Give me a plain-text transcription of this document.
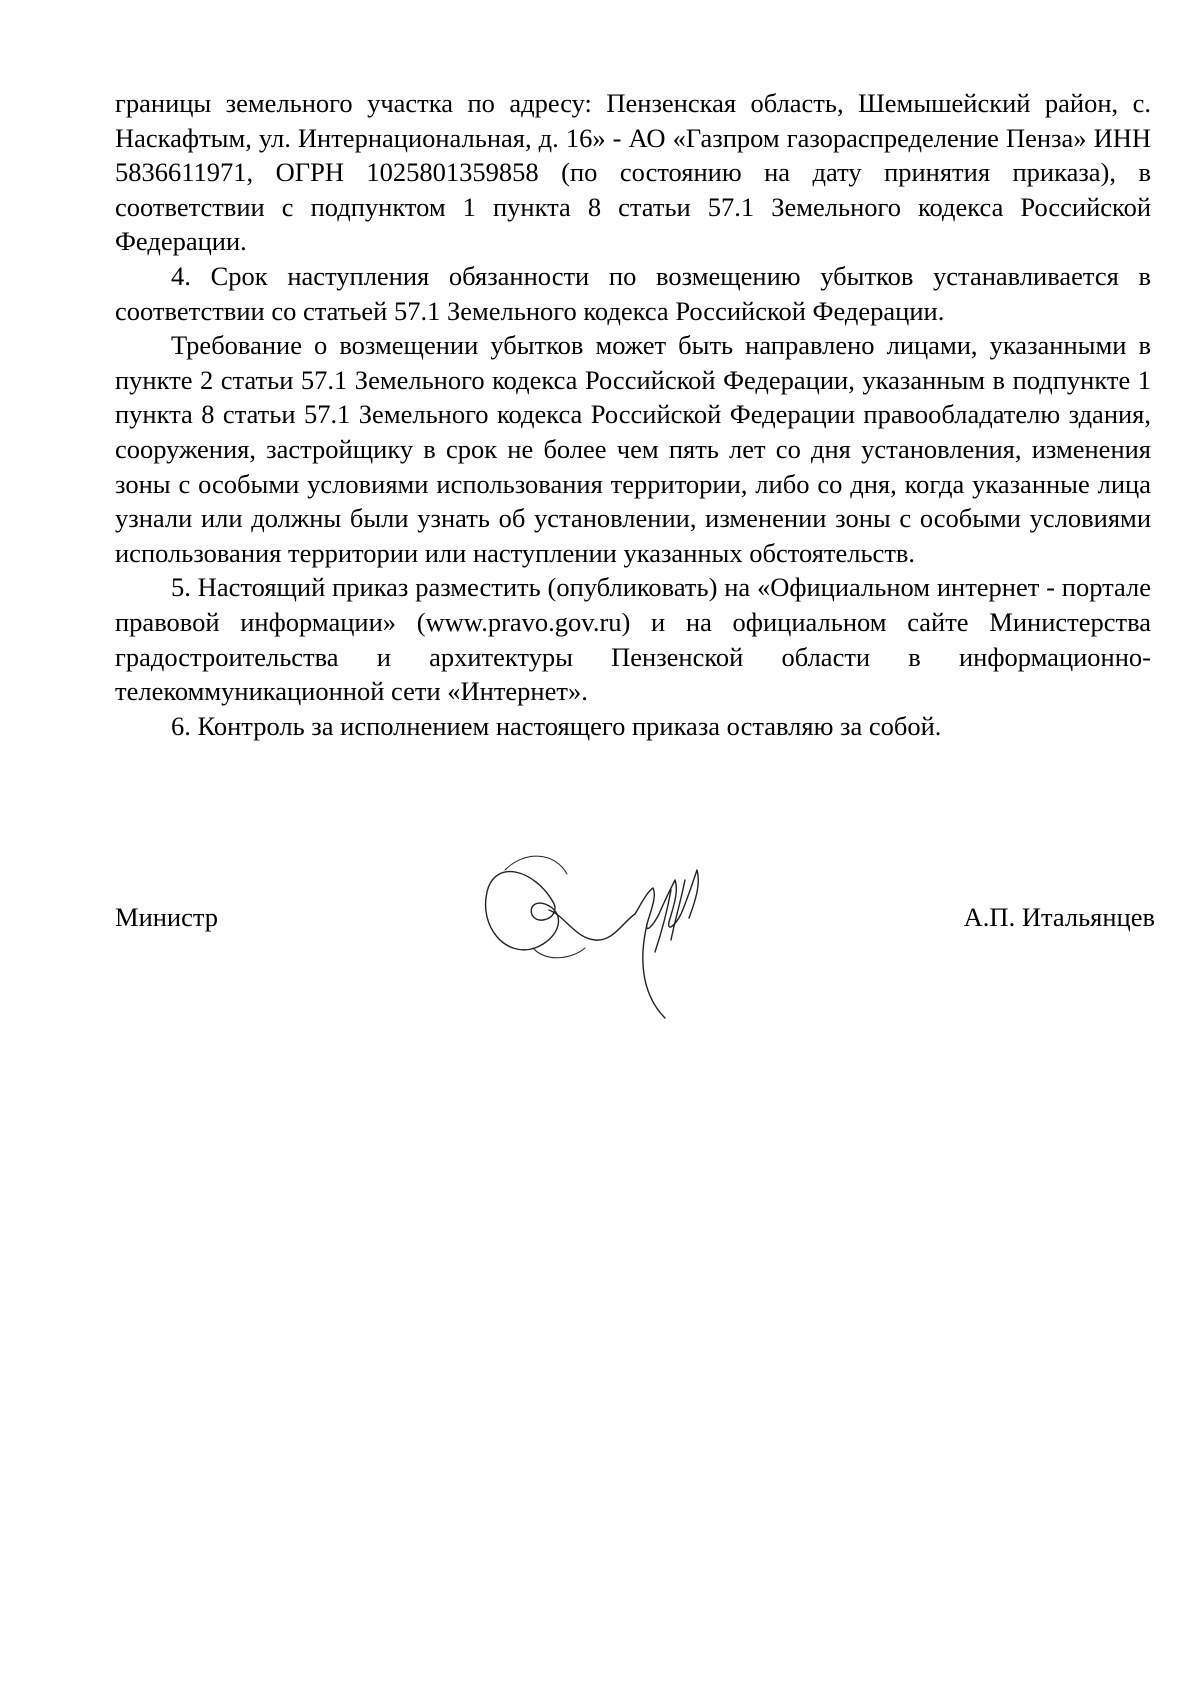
границы земельного участка по адресу: Пензенская область, Шемышейский район, с. Наскафтым, ул. Интернациональная, д. 16» - АО «Газпром газораспределение Пенза» ИНН 5836611971, ОГРН 1025801359858 (по состоянию на дату принятия приказа), в соответствии с подпунктом 1 пункта 8 статьи 57.1 Земельного кодекса Российской Федерации.

4. Срок наступления обязанности по возмещению убытков устанавливается в соответствии со статьей 57.1 Земельного кодекса Российской Федерации.

Требование о возмещении убытков может быть направлено лицами, указанными в пункте 2 статьи 57.1 Земельного кодекса Российской Федерации, указанным в подпункте 1 пункта 8 статьи 57.1 Земельного кодекса Российской Федерации правообладателю здания, сооружения, застройщику в срок не более чем пять лет со дня установления, изменения зоны с особыми условиями использования территории, либо со дня, когда указанные лица узнали или должны были узнать об установлении, изменении зоны с особыми условиями использования территории или наступлении указанных обстоятельств.

5. Настоящий приказ разместить (опубликовать) на «Официальном интернет - портале правовой информации» (www.pravo.gov.ru) и на официальном сайте Министерства градостроительства и архитектуры Пензенской области в информационно-телекоммуникационной сети «Интернет».

6. Контроль за исполнением настоящего приказа оставляю за собой.

Министр	А.П. Итальянцев
